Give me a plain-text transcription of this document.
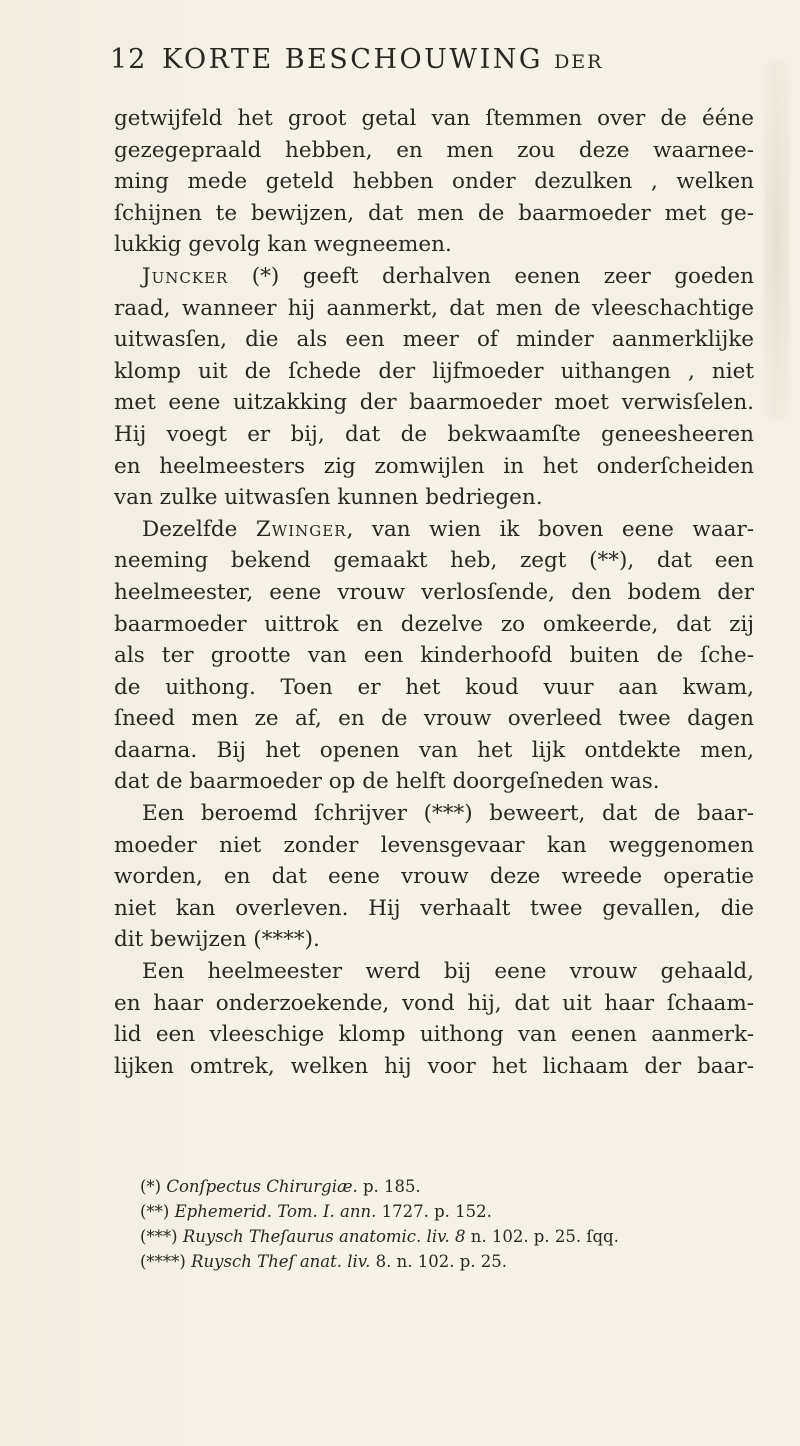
12 KORTE BESCHOUWING DER
getwijfeld het groot getal van ſtemmen over de ééne
gezegepraald hebben, en men zou deze waarnee-
ming mede geteld hebben onder dezulken , welken
ſchijnen te bewijzen, dat men de baarmoeder met ge-
lukkig gevolg kan wegneemen.
Juncker (*) geeft derhalven eenen zeer goeden
raad, wanneer hij aanmerkt, dat men de vleeschachtige
uitwasſen, die als een meer of minder aanmerklijke
klomp uit de ſchede der lijfmoeder uithangen , niet
met eene uitzakking der baarmoeder moet verwisſelen.
Hij voegt er bij, dat de bekwaamſte geneesheeren
en heelmeesters zig zomwijlen in het onderſcheiden
van zulke uitwasſen kunnen bedriegen.
Dezelfde Zwinger, van wien ik boven eene waar-
neeming bekend gemaakt heb, zegt (**), dat een
heelmeester, eene vrouw verlosſende, den bodem der
baarmoeder uittrok en dezelve zo omkeerde, dat zij
als ter grootte van een kinderhoofd buiten de ſche-
de uithong. Toen er het koud vuur aan kwam,
ſneed men ze af, en de vrouw overleed twee dagen
daarna. Bij het openen van het lijk ontdekte men,
dat de baarmoeder op de helft doorgeſneden was.
Een beroemd ſchrijver (***) beweert, dat de baar-
moeder niet zonder levensgevaar kan weggenomen
worden, en dat eene vrouw deze wreede operatie
niet kan overleven. Hij verhaalt twee gevallen, die
dit bewijzen (****).
Een heelmeester werd bij eene vrouw gehaald,
en haar onderzoekende, vond hij, dat uit haar ſchaam-
lid een vleeschige klomp uithong van eenen aanmerk-
lijken omtrek, welken hij voor het lichaam der baar-
(*) Conſpectus Chirurgiæ. p. 185.
(**) Ephemerid. Tom. I. ann. 1727. p. 152.
(***) Ruysch Theſaurus anatomic. liv. 8 n. 102. p. 25. ſqq.
(****) Ruysch Theſ anat. liv. 8. n. 102. p. 25.
